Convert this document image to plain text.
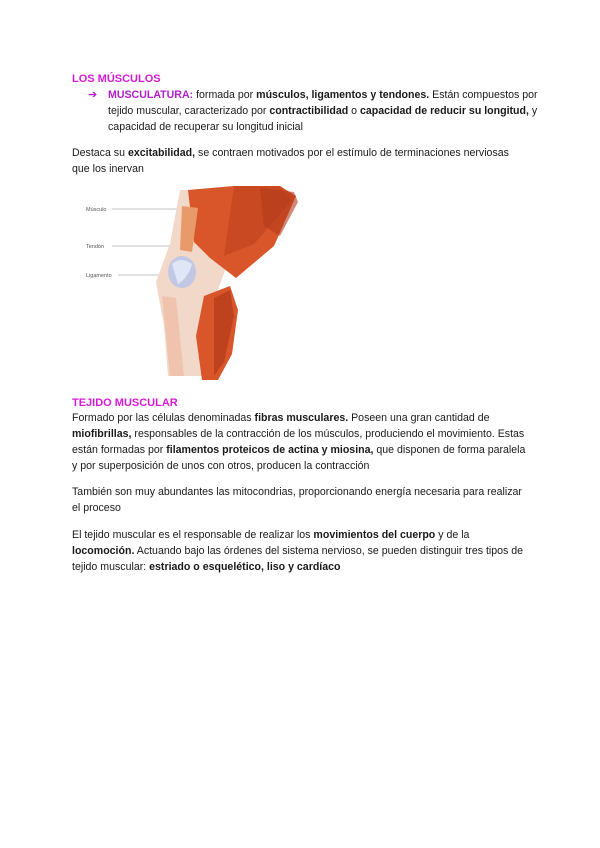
LOS MÚSCULOS
➔ MUSCULATURA: formada por músculos, ligamentos y tendones. Están compuestos por tejido muscular, caracterizado por contractibilidad o capacidad de reducir su longitud, y capacidad de recuperar su longitud inicial
Destaca su excitabilidad, se contraen motivados por el estímulo de terminaciones nerviosas que los inervan
Músculo
Tendón
Ligamento
TEJIDO MUSCULAR
Formado por las células denominadas fibras musculares. Poseen una gran cantidad de miofibrillas, responsables de la contracción de los músculos, produciendo el movimiento. Estas están formadas por filamentos proteicos de actina y miosina, que disponen de forma paralela y por superposición de unos con otros, producen la contracción
También son muy abundantes las mitocondrias, proporcionando energía necesaria para realizar el proceso
El tejido muscular es el responsable de realizar los movimientos del cuerpo y de la locomoción. Actuando bajo las órdenes del sistema nervioso, se pueden distinguir tres tipos de tejido muscular: estriado o esquelético, liso y cardíaco
